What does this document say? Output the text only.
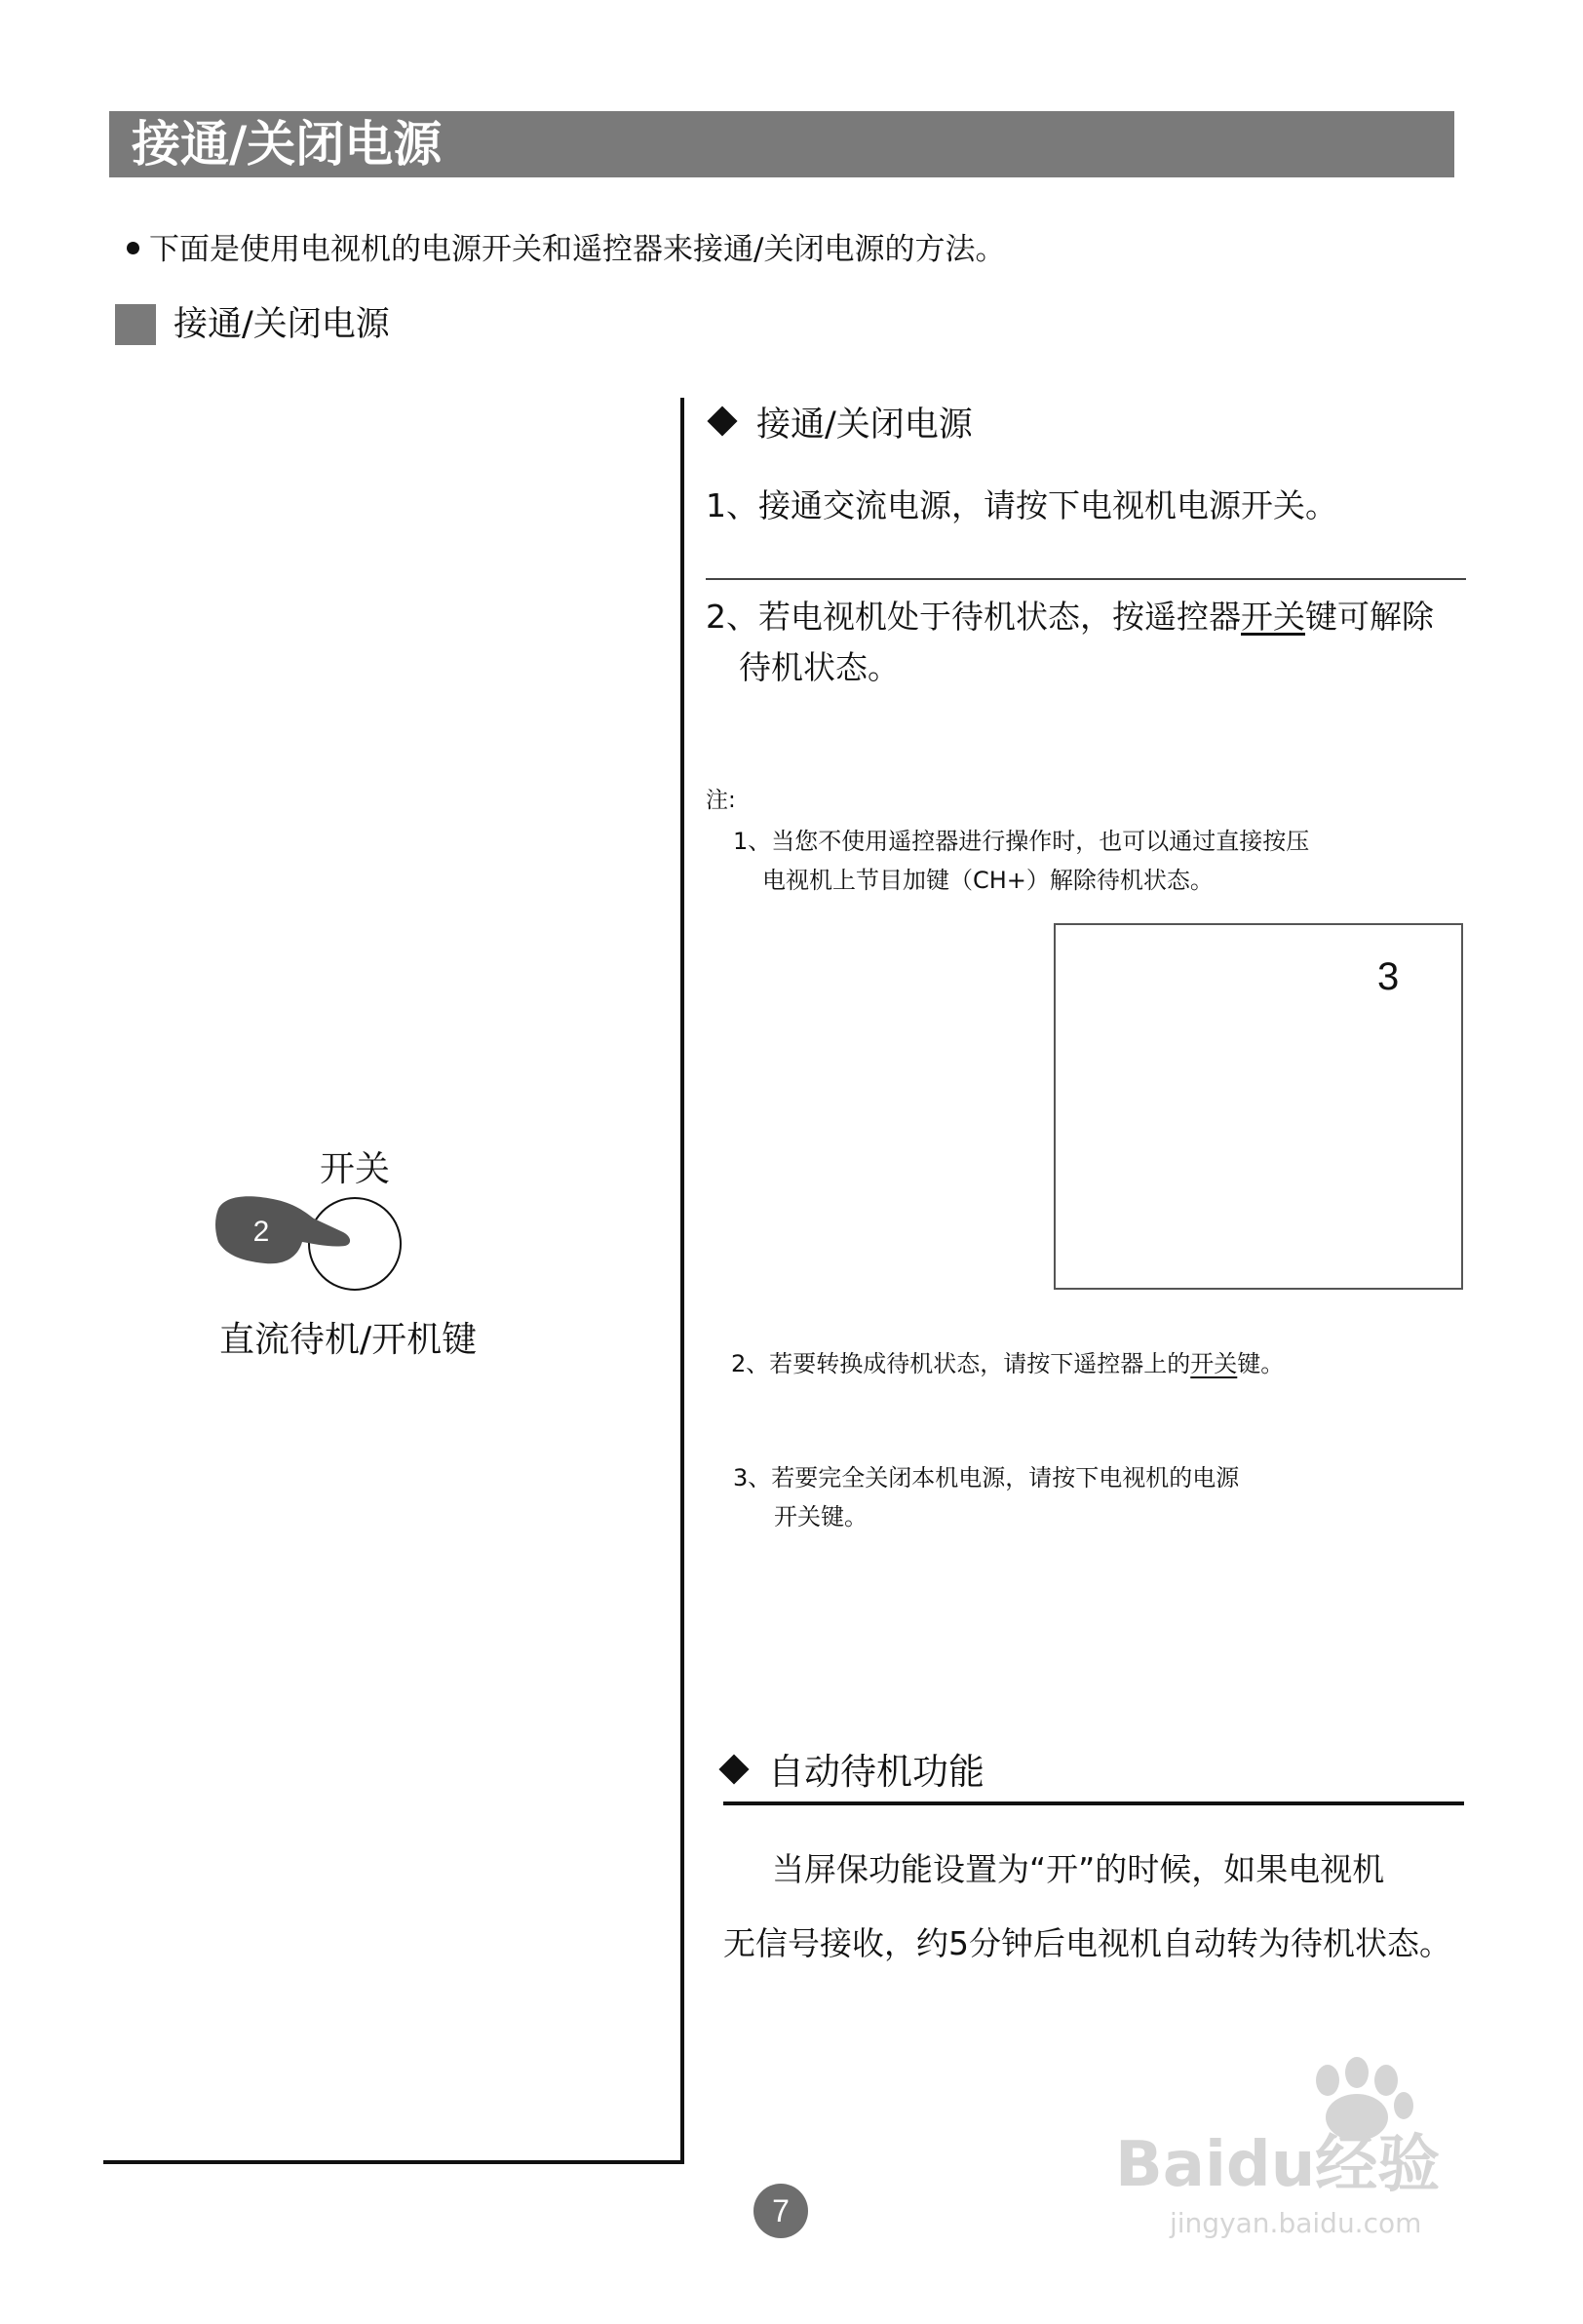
接通/关闭电源
下面是使用电视机的电源开关和遥控器来接通/关闭电源的方法。
接通/关闭电源
开关
2
直流待机/开机键
接通/关闭电源
1、接通交流电源，请按下电视机电源开关。
2、若电视机处于待机状态，按遥控器开关键可解除
待机状态。
注:
1、当您不使用遥控器进行操作时，也可以通过直接按压
电视机上节目加键（CH+）解除待机状态。
3
2、若要转换成待机状态，请按下遥控器上的开关键。
3、若要完全关闭本机电源，请按下电视机的电源
开关键。
自动待机功能
当屏保功能设置为“开”的时候，如果电视机
无信号接收，约5分钟后电视机自动转为待机状态。
7
Baidu经验
jingyan.baidu.com
